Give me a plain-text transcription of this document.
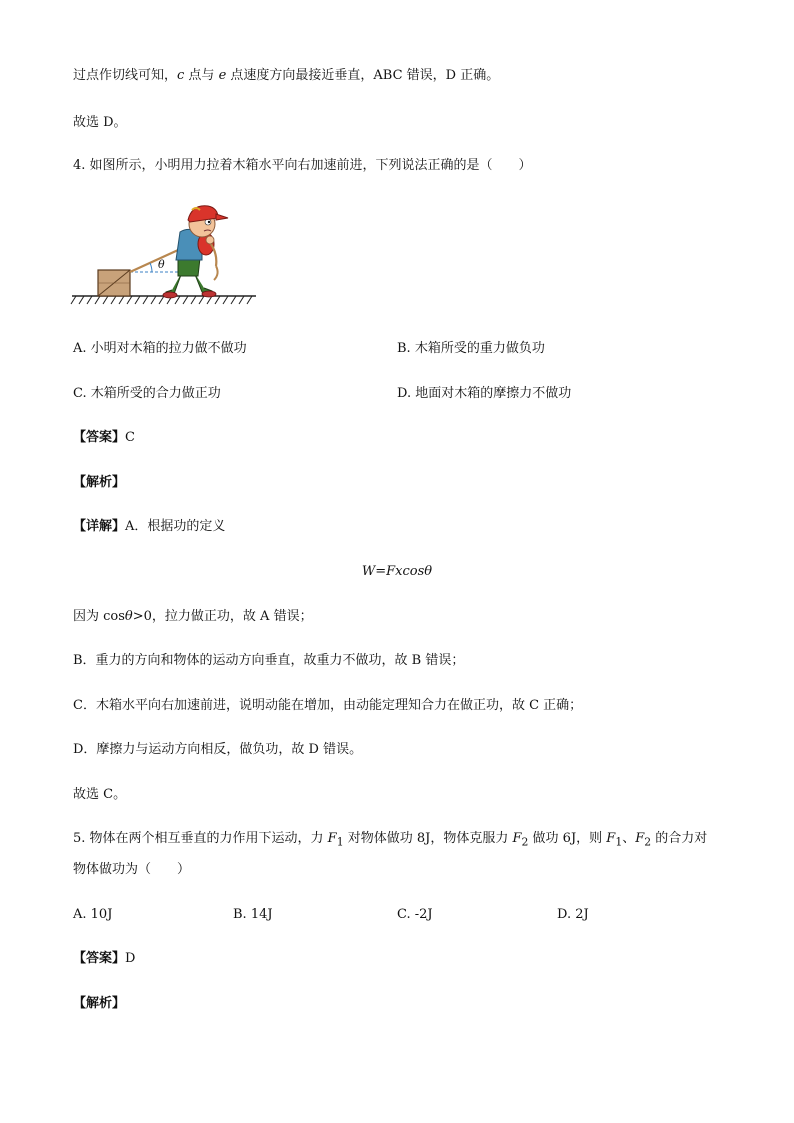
过点作切线可知，c 点与 e 点速度方向最接近垂直，ABC 错误，D 正确。
故选 D。
4. 如图所示，小明用力拉着木箱水平向右加速前进，下列说法正确的是（　　）
θ
A. 小明对木箱的拉力做不做功	B. 木箱所受的重力做负功
C. 木箱所受的合力做正功	D. 地面对木箱的摩擦力不做功
【答案】C
【解析】
【详解】A．根据功的定义
W=Fxcosθ
因为 cosθ>0，拉力做正功，故 A 错误；
B．重力的方向和物体的运动方向垂直，故重力不做功，故 B 错误；
C．木箱水平向右加速前进，说明动能在增加，由动能定理知合力在做正功，故 C 正确；
D．摩擦力与运动方向相反，做负功，故 D 错误。
故选 C。
5. 物体在两个相互垂直的力作用下运动，力 $F_1$ 对物体做功 8J，物体克服力 $F_2$ 做功 6J，则 $F_1$、$F_2$ 的合力对
物体做功为（　　）
A. 10J	B. 14J	C. -2J	D. 2J
【答案】D
【解析】
